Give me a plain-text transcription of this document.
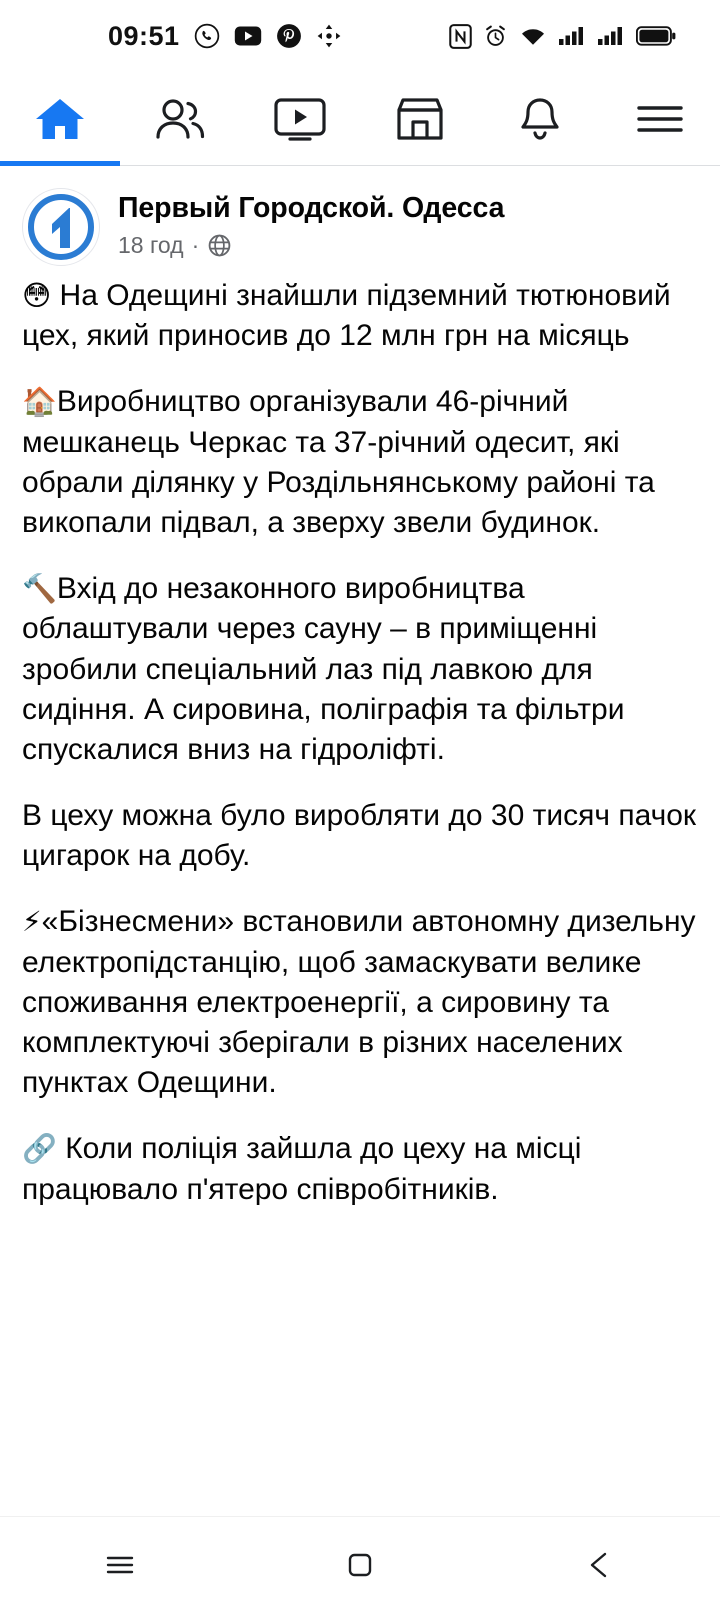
09:51
Первый Городской. Одесса
18 год ·

😳 На Одещині знайшли підземний тютюновий цех, який приносив до 12 млн грн на місяць

🏠Виробництво організували 46-річний мешканець Черкас та 37-річний одесит, які обрали ділянку у Роздільнянському районі та викопали підвал, а зверху звели будинок.

🔨Вхід до незаконного виробництва облаштували через сауну – в приміщенні зробили спеціальний лаз під лавкою для сидіння. А сировина, поліграфія та фільтри спускалися вниз на гідроліфті.

В цеху можна було виробляти до 30 тисяч пачок цигарок на добу.

⚡«Бізнесмени» встановили автономну дизельну електропідстанцію, щоб замаскувати велике споживання електроенергії, а сировину та комплектуючі зберігали в різних населених пунктах Одещини.

🔗 Коли поліція зайшла до цеху на місці працювало п'ятеро співробітників.
